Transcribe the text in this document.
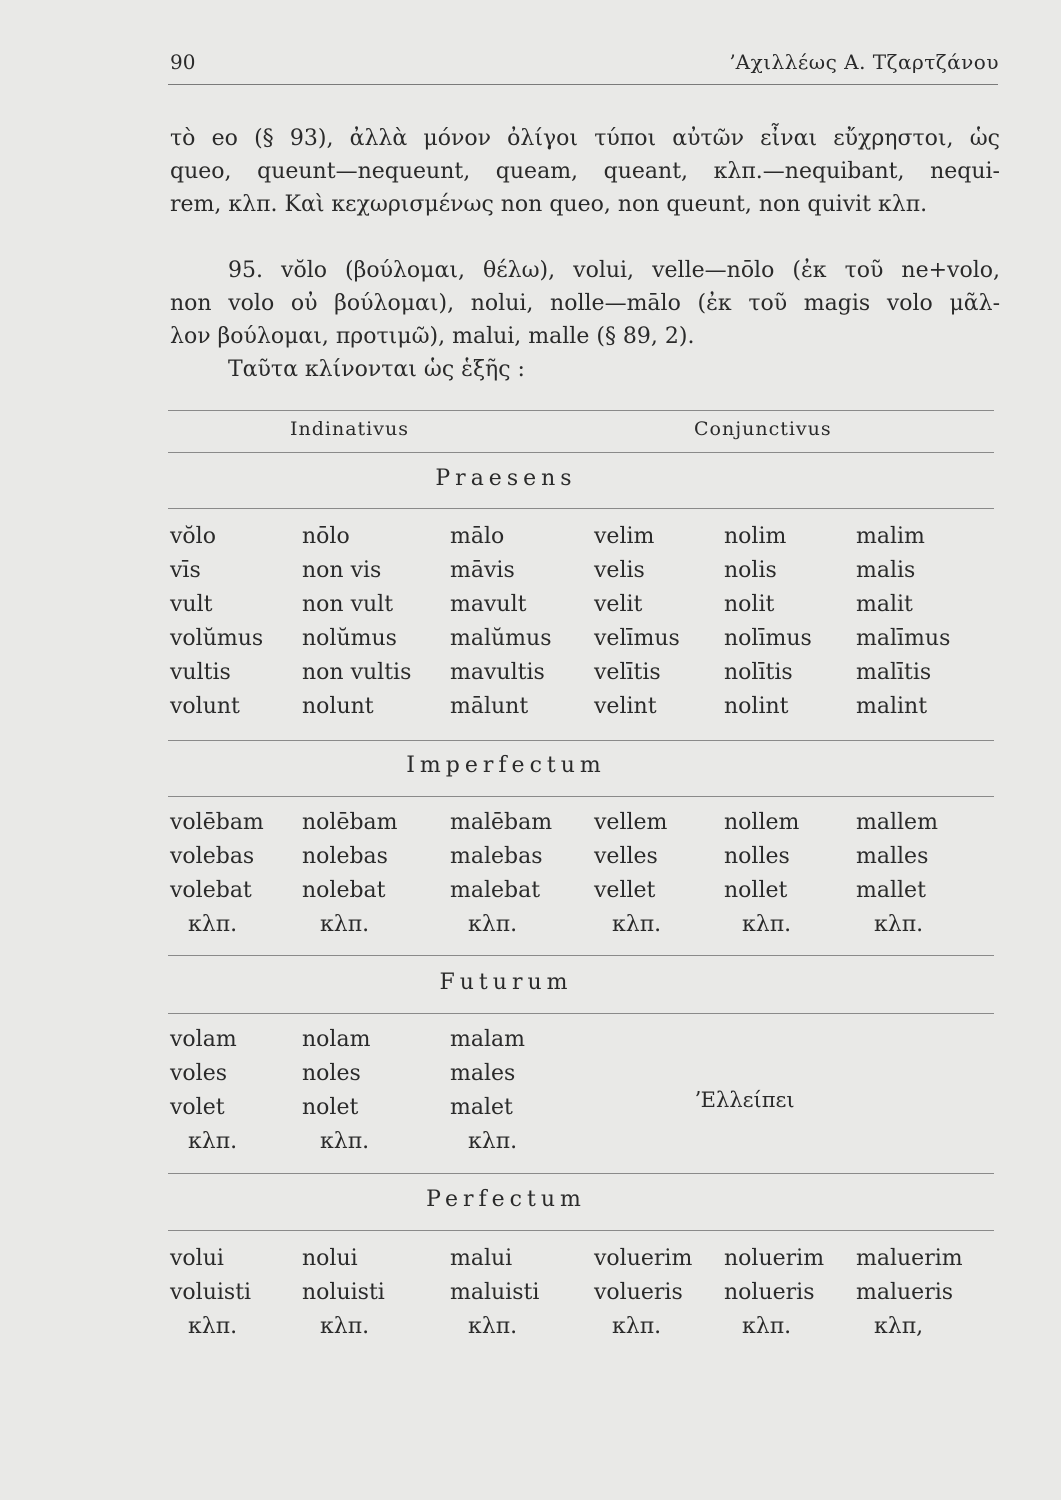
90	ʼΑχιλλέως Α. Τζαρτζάνου
τὸ eo (§ 93), ἀλλὰ μόνον ὀλίγοι τύποι αὐτῶν εἶναι εὔχρηστοι, ὡς
queo, queunt—nequeunt, queam, queant, κλπ.—nequibant, nequi-
rem, κλπ. Καὶ κεχωρισμένως non queo, non queunt, non quivit κλπ.
95. vŏlo (βούλομαι, θέλω), volui, velle—nōlo (ἐκ τοῦ ne+volo,
non volo οὐ βούλομαι), nolui, nolle—mālo (ἐκ τοῦ magis volo μᾶλ-
λον βούλομαι, προτιμῶ), malui, malle (§ 89, 2).
Ταῦτα κλίνονται ὡς ἑξῆς :
Indinativus	Conjunctivus
Praesens
vŏlo	nōlo	mālo	velim	nolim	malim
vīs	non vis	māvis	velis	nolis	malis
vult	non vult	mavult	velit	nolit	malit
volŭmus nolŭmus malŭmus velīmus nolīmus malīmus
vultis	non vultis mavultis velītis	nolītis	malītis
volunt	nolunt	mālunt	velint	nolint	malint
Imperfectum
volēbam nolēbam malēbam vellem	nollem	mallem
volebas nolebas	malebas velles	nolles	malles
volebat nolebat	malebat vellet	nollet	mallet
κλπ.	κλπ.	κλπ.	κλπ.	κλπ.	κλπ.
Futurum
volam	nolam	malam
voles	noles	males
volet	nolet	malet
κλπ.	κλπ.	κλπ.
Perfectum
volui	nolui	malui	voluerim noluerim maluerim
voluisti noluisti	maluisti volueris nolueris malueris
κλπ.	κλπ.	κλπ.	κλπ.	κλπ.	κλπ,
ʼΕλλείπει
